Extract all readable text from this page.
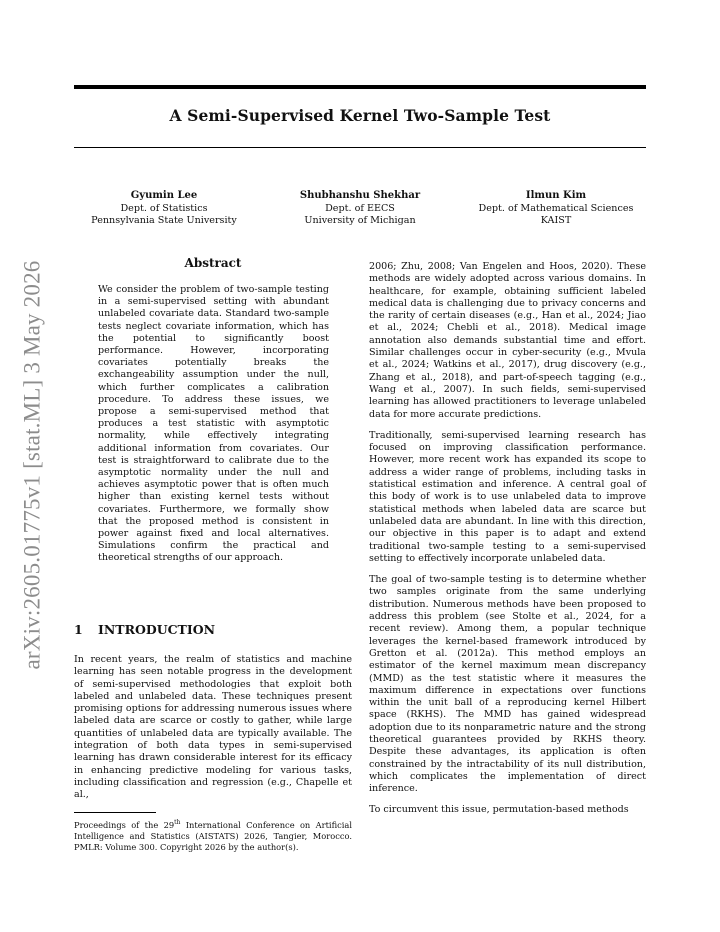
arXiv:2605.01775v1 [stat.ML] 3 May 2026
A Semi-Supervised Kernel Two-Sample Test
Gyumin Lee
Dept. of Statistics
Pennsylvania State University
Shubhanshu Shekhar
Dept. of EECS
University of Michigan
Ilmun Kim
Dept. of Mathematical Sciences
KAIST
Abstract

We consider the problem of two-sample testing in a semi-supervised setting with abundant unlabeled covariate data. Standard two-sample tests neglect covariate information, which has the potential to significantly boost performance. However, incorporating covariates potentially breaks the exchangeability assumption under the null, which further complicates a calibration procedure. To address these issues, we propose a semi-supervised method that produces a test statistic with asymptotic normality, while effectively integrating additional information from covariates. Our test is straightforward to calibrate due to the asymptotic normality under the null and achieves asymptotic power that is often much higher than existing kernel tests without covariates. Furthermore, we formally show that the proposed method is consistent in power against fixed and local alternatives. Simulations confirm the practical and theoretical strengths of our approach.

1 INTRODUCTION

In recent years, the realm of statistics and machine learning has seen notable progress in the development of semi-supervised methodologies that exploit both labeled and unlabeled data. These techniques present promising options for addressing numerous issues where labeled data are scarce or costly to gather, while large quantities of unlabeled data are typically available. The integration of both data types in semi-supervised learning has drawn considerable interest for its efficacy in enhancing predictive modeling for various tasks, including classification and regression (e.g., Chapelle et al.,

Proceedings of the 29th International Conference on Artificial Intelligence and Statistics (AISTATS) 2026, Tangier, Morocco. PMLR: Volume 300. Copyright 2026 by the author(s).

2006; Zhu, 2008; Van Engelen and Hoos, 2020). These methods are widely adopted across various domains. In healthcare, for example, obtaining sufficient labeled medical data is challenging due to privacy concerns and the rarity of certain diseases (e.g., Han et al., 2024; Jiao et al., 2024; Chebli et al., 2018). Medical image annotation also demands substantial time and effort. Similar challenges occur in cyber-security (e.g., Mvula et al., 2024; Watkins et al., 2017), drug discovery (e.g., Zhang et al., 2018), and part-of-speech tagging (e.g., Wang et al., 2007). In such fields, semi-supervised learning has allowed practitioners to leverage unlabeled data for more accurate predictions.

Traditionally, semi-supervised learning research has focused on improving classification performance. However, more recent work has expanded its scope to address a wider range of problems, including tasks in statistical estimation and inference. A central goal of this body of work is to use unlabeled data to improve statistical methods when labeled data are scarce but unlabeled data are abundant. In line with this direction, our objective in this paper is to adapt and extend traditional two-sample testing to a semi-supervised setting to effectively incorporate unlabeled data.

The goal of two-sample testing is to determine whether two samples originate from the same underlying distribution. Numerous methods have been proposed to address this problem (see Stolte et al., 2024, for a recent review). Among them, a popular technique leverages the kernel-based framework introduced by Gretton et al. (2012a). This method employs an estimator of the kernel maximum mean discrepancy (MMD) as the test statistic where it measures the maximum difference in expectations over functions within the unit ball of a reproducing kernel Hilbert space (RKHS). The MMD has gained widespread adoption due to its nonparametric nature and the strong theoretical guarantees provided by RKHS theory. Despite these advantages, its application is often constrained by the intractability of its null distribution, which complicates the implementation of direct inference.

To circumvent this issue, permutation-based methods
